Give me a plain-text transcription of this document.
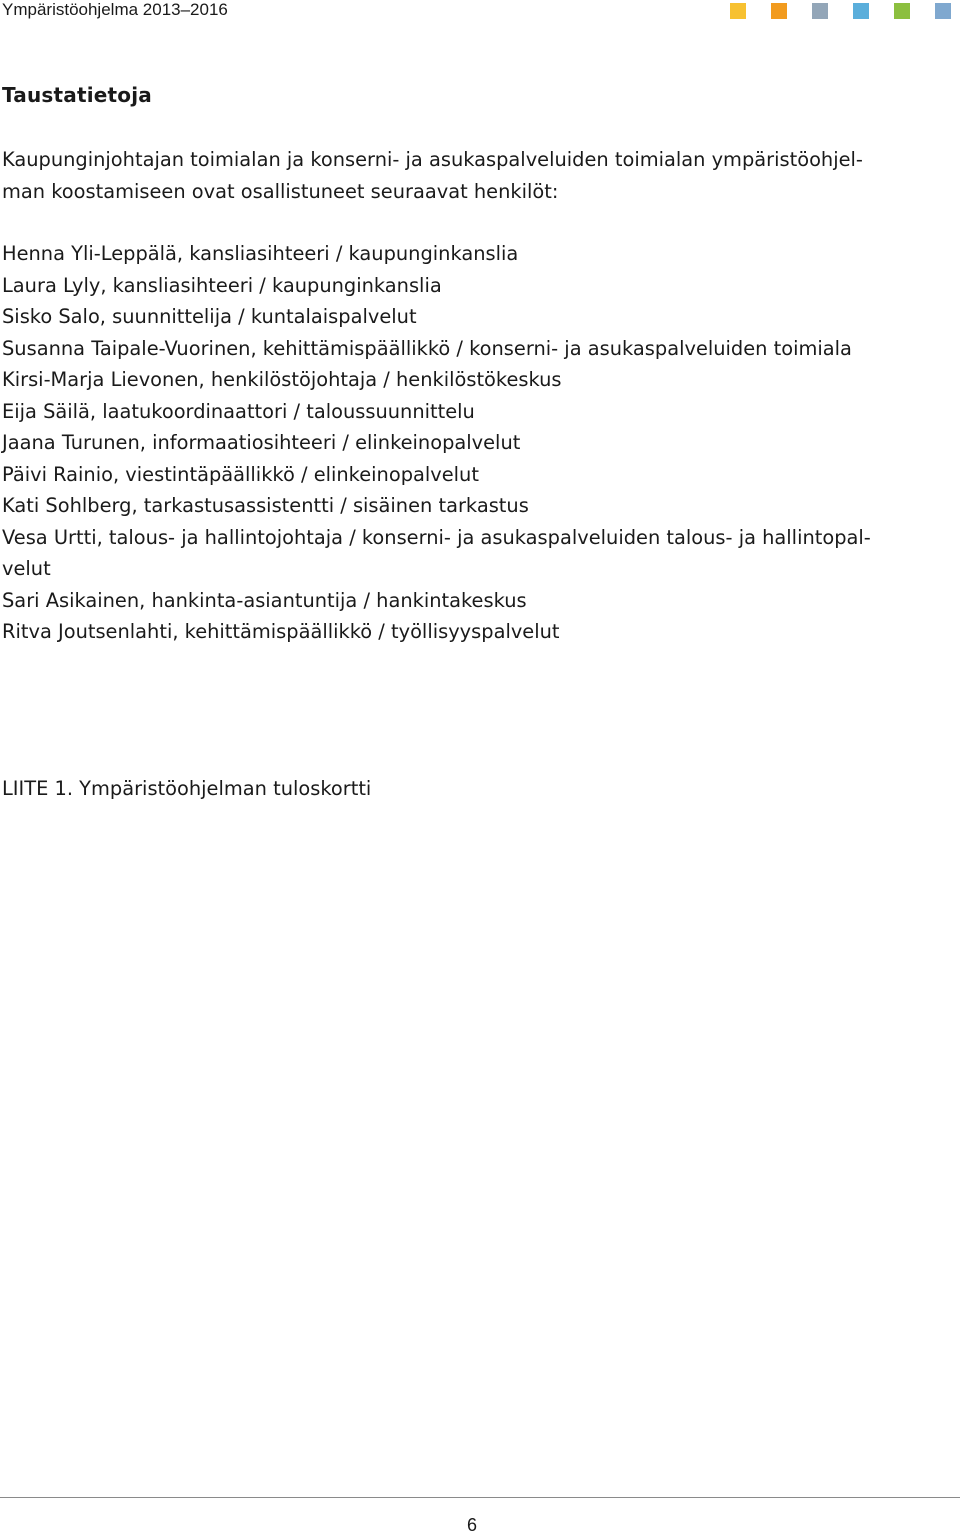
Ympäristöohjelma 2013–2016
Taustatietoja

Kaupunginjohtajan toimialan ja konserni- ja asukaspalveluiden toimialan ympäristöohjel-
man koostamiseen ovat osallistuneet seuraavat henkilöt:

Henna Yli-Leppälä, kansliasihteeri / kaupunginkanslia
Laura Lyly, kansliasihteeri / kaupunginkanslia
Sisko Salo, suunnittelija / kuntalaispalvelut
Susanna Taipale-Vuorinen, kehittämispäällikkö / konserni- ja asukaspalveluiden toimiala
Kirsi-Marja Lievonen, henkilöstöjohtaja / henkilöstökeskus
Eija Säilä, laatukoordinaattori / taloussuunnittelu
Jaana Turunen, informaatiosihteeri / elinkeinopalvelut
Päivi Rainio, viestintäpäällikkö / elinkeinopalvelut
Kati Sohlberg, tarkastusassistentti / sisäinen tarkastus
Vesa Urtti, talous- ja hallintojohtaja / konserni- ja asukaspalveluiden talous- ja hallintopal-
velut
Sari Asikainen, hankinta-asiantuntija / hankintakeskus
Ritva Joutsenlahti, kehittämispäällikkö / työllisyyspalvelut
LIITE 1. Ympäristöohjelman tuloskortti
6
